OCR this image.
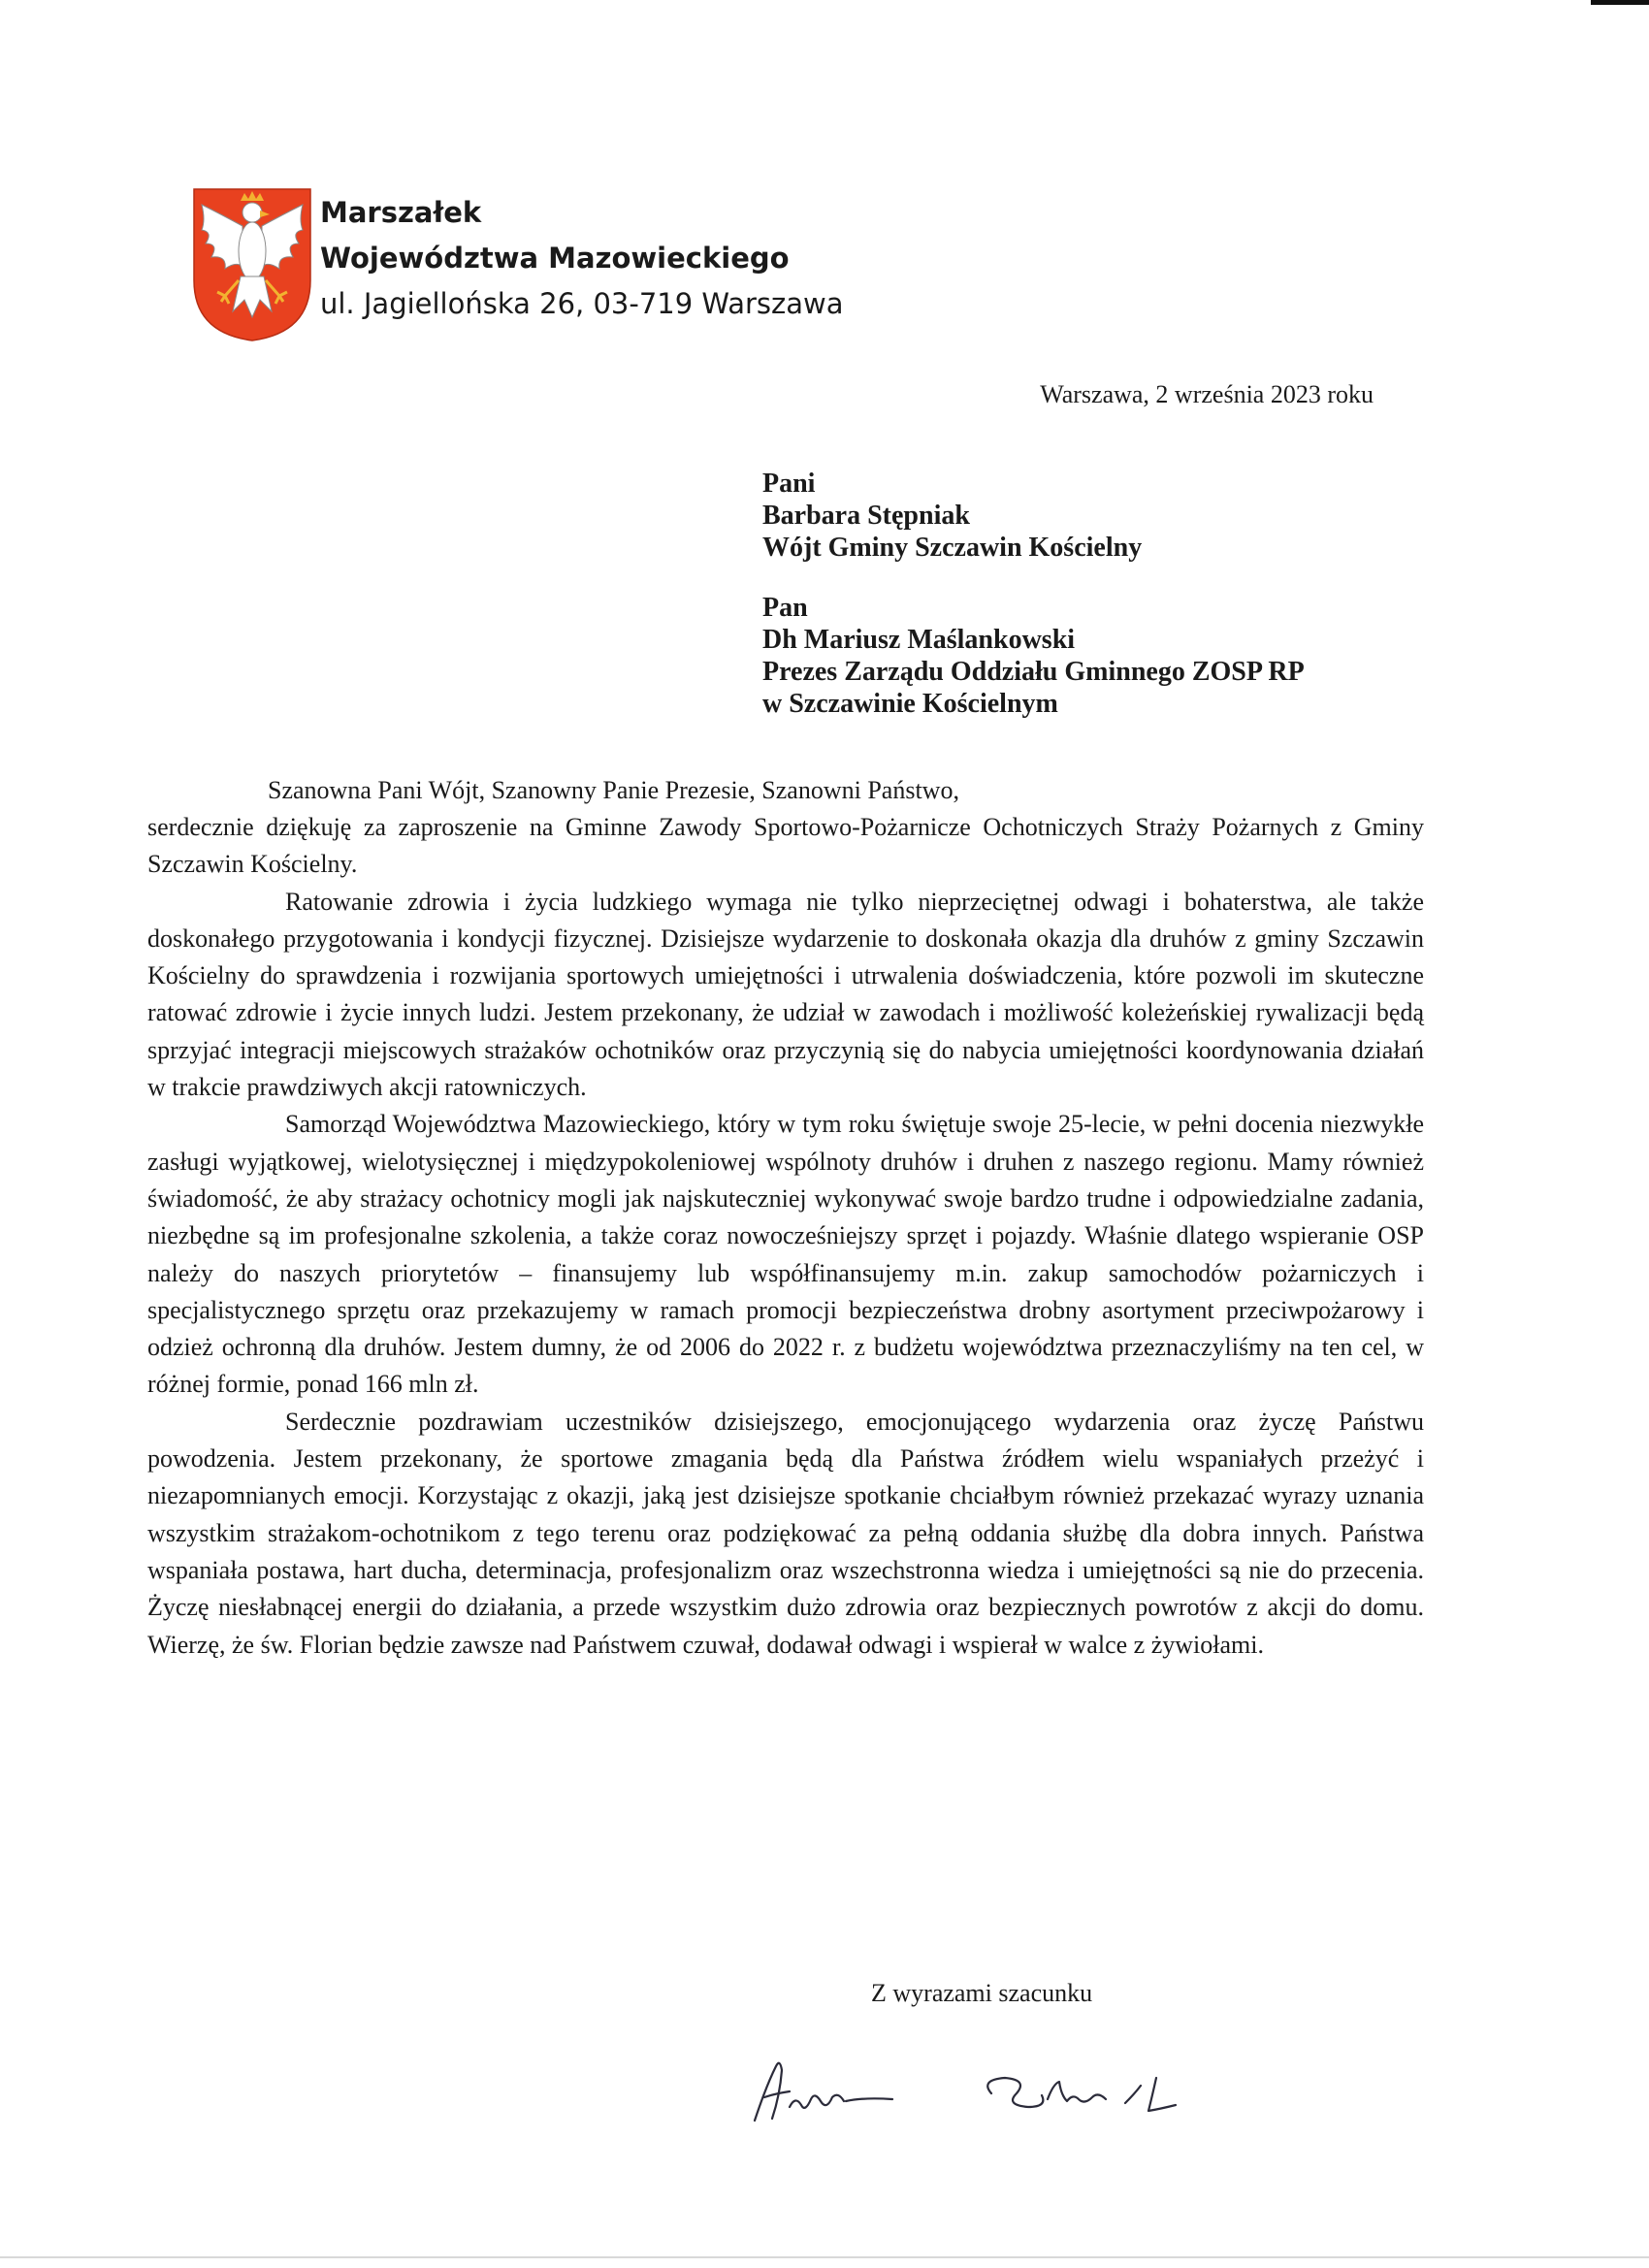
Marszałek
Województwa Mazowieckiego
ul. Jagiellońska 26, 03-719 Warszawa
Warszawa, 2 września 2023 roku
Pani
Barbara Stępniak
Wójt Gminy Szczawin Kościelny
Pan
Dh Mariusz Maślankowski
Prezes Zarządu Oddziału Gminnego ZOSP RP
w Szczawinie Kościelnym
Szanowna Pani Wójt, Szanowny Panie Prezesie, Szanowni Państwo,

serdecznie dziękuję za zaproszenie na Gminne Zawody Sportowo-Pożarnicze Ochotniczych Straży Pożarnych z Gminy Szczawin Kościelny.

Ratowanie zdrowia i życia ludzkiego wymaga nie tylko nieprzeciętnej odwagi i bohaterstwa, ale także doskonałego przygotowania i kondycji fizycznej. Dzisiejsze wydarzenie to doskonała okazja dla druhów z gminy Szczawin Kościelny do sprawdzenia i rozwijania sportowych umiejętności i utrwalenia doświadczenia, które pozwoli im skuteczne ratować zdrowie i życie innych ludzi. Jestem przekonany, że udział w zawodach i możliwość koleżeńskiej rywalizacji będą sprzyjać integracji miejscowych strażaków ochotników oraz przyczynią się do nabycia umiejętności koordynowania działań w trakcie prawdziwych akcji ratowniczych.

Samorząd Województwa Mazowieckiego, który w tym roku świętuje swoje 25-lecie, w pełni docenia niezwykłe zasługi wyjątkowej, wielotysięcznej i międzypokoleniowej wspólnoty druhów i druhen z naszego regionu. Mamy również świadomość, że aby strażacy ochotnicy mogli jak najskuteczniej wykonywać swoje bardzo trudne i odpowiedzialne zadania, niezbędne są im profesjonalne szkolenia, a także coraz nowocześniejszy sprzęt i pojazdy. Właśnie dlatego wspieranie OSP należy do naszych priorytetów – finansujemy lub współfinansujemy m.in. zakup samochodów pożarniczych i specjalistycznego sprzętu oraz przekazujemy w ramach promocji bezpieczeństwa drobny asortyment przeciwpożarowy i odzież ochronną dla druhów. Jestem dumny, że od 2006 do 2022 r. z budżetu województwa przeznaczyliśmy na ten cel, w różnej formie, ponad 166 mln zł.

Serdecznie pozdrawiam uczestników dzisiejszego, emocjonującego wydarzenia oraz życzę Państwu powodzenia. Jestem przekonany, że sportowe zmagania będą dla Państwa źródłem wielu wspaniałych przeżyć i niezapomnianych emocji. Korzystając z okazji, jaką jest dzisiejsze spotkanie chciałbym również przekazać wyrazy uznania wszystkim strażakom-ochotnikom z tego terenu oraz podziękować za pełną oddania służbę dla dobra innych. Państwa wspaniała postawa, hart ducha, determinacja, profesjonalizm oraz wszechstronna wiedza i umiejętności są nie do przecenia. Życzę niesłabnącej energii do działania, a przede wszystkim dużo zdrowia oraz bezpiecznych powrotów z akcji do domu. Wierzę, że św. Florian będzie zawsze nad Państwem czuwał, dodawał odwagi i wspierał w walce z żywiołami.

Z wyrazami szacunku
